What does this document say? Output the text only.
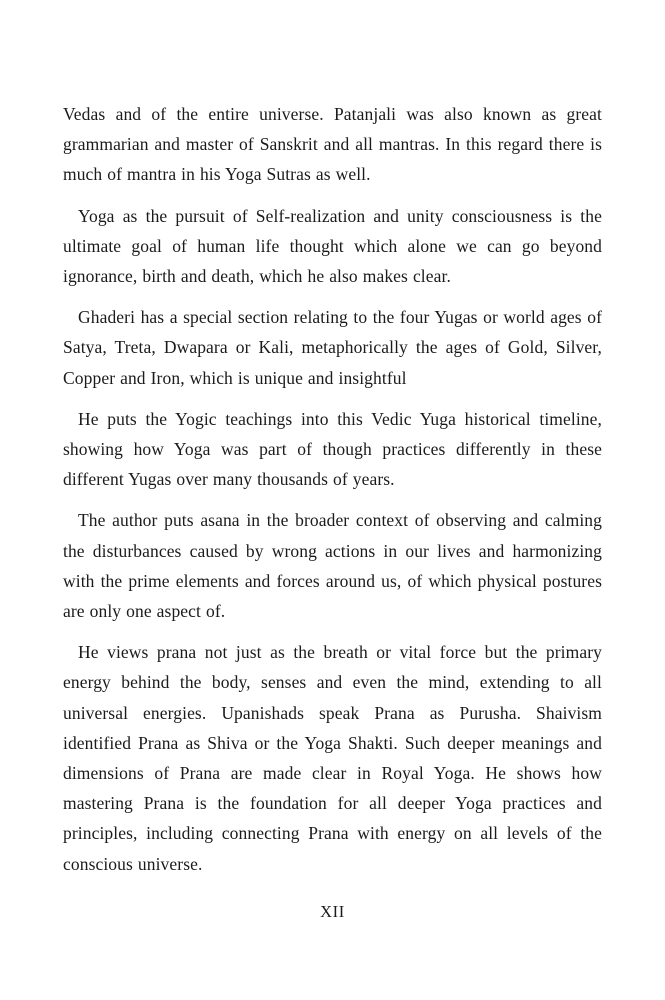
Vedas and of the entire universe. Patanjali was also known as great grammarian and master of Sanskrit and all mantras. In this regard there is much of mantra in his Yoga Sutras as well.

Yoga as the pursuit of Self-realization and unity consciousness is the ultimate goal of human life thought which alone we can go beyond ignorance, birth and death, which he also makes clear.

Ghaderi has a special section relating to the four Yugas or world ages of Satya, Treta, Dwapara or Kali, metaphorically the ages of Gold, Silver, Copper and Iron, which is unique and insightful

He puts the Yogic teachings into this Vedic Yuga historical timeline, showing how Yoga was part of though practices differently in these different Yugas over many thousands of years.

The author puts asana in the broader context of observing and calming the disturbances caused by wrong actions in our lives and harmonizing with the prime elements and forces around us, of which physical postures are only one aspect of.

He views prana not just as the breath or vital force but the primary energy behind the body, senses and even the mind, extending to all universal energies. Upanishads speak Prana as Purusha. Shaivism identified Prana as Shiva or the Yoga Shakti. Such deeper meanings and dimensions of Prana are made clear in Royal Yoga. He shows how mastering Prana is the foundation for all deeper Yoga practices and principles, including connecting Prana with energy on all levels of the conscious universe.

XII
